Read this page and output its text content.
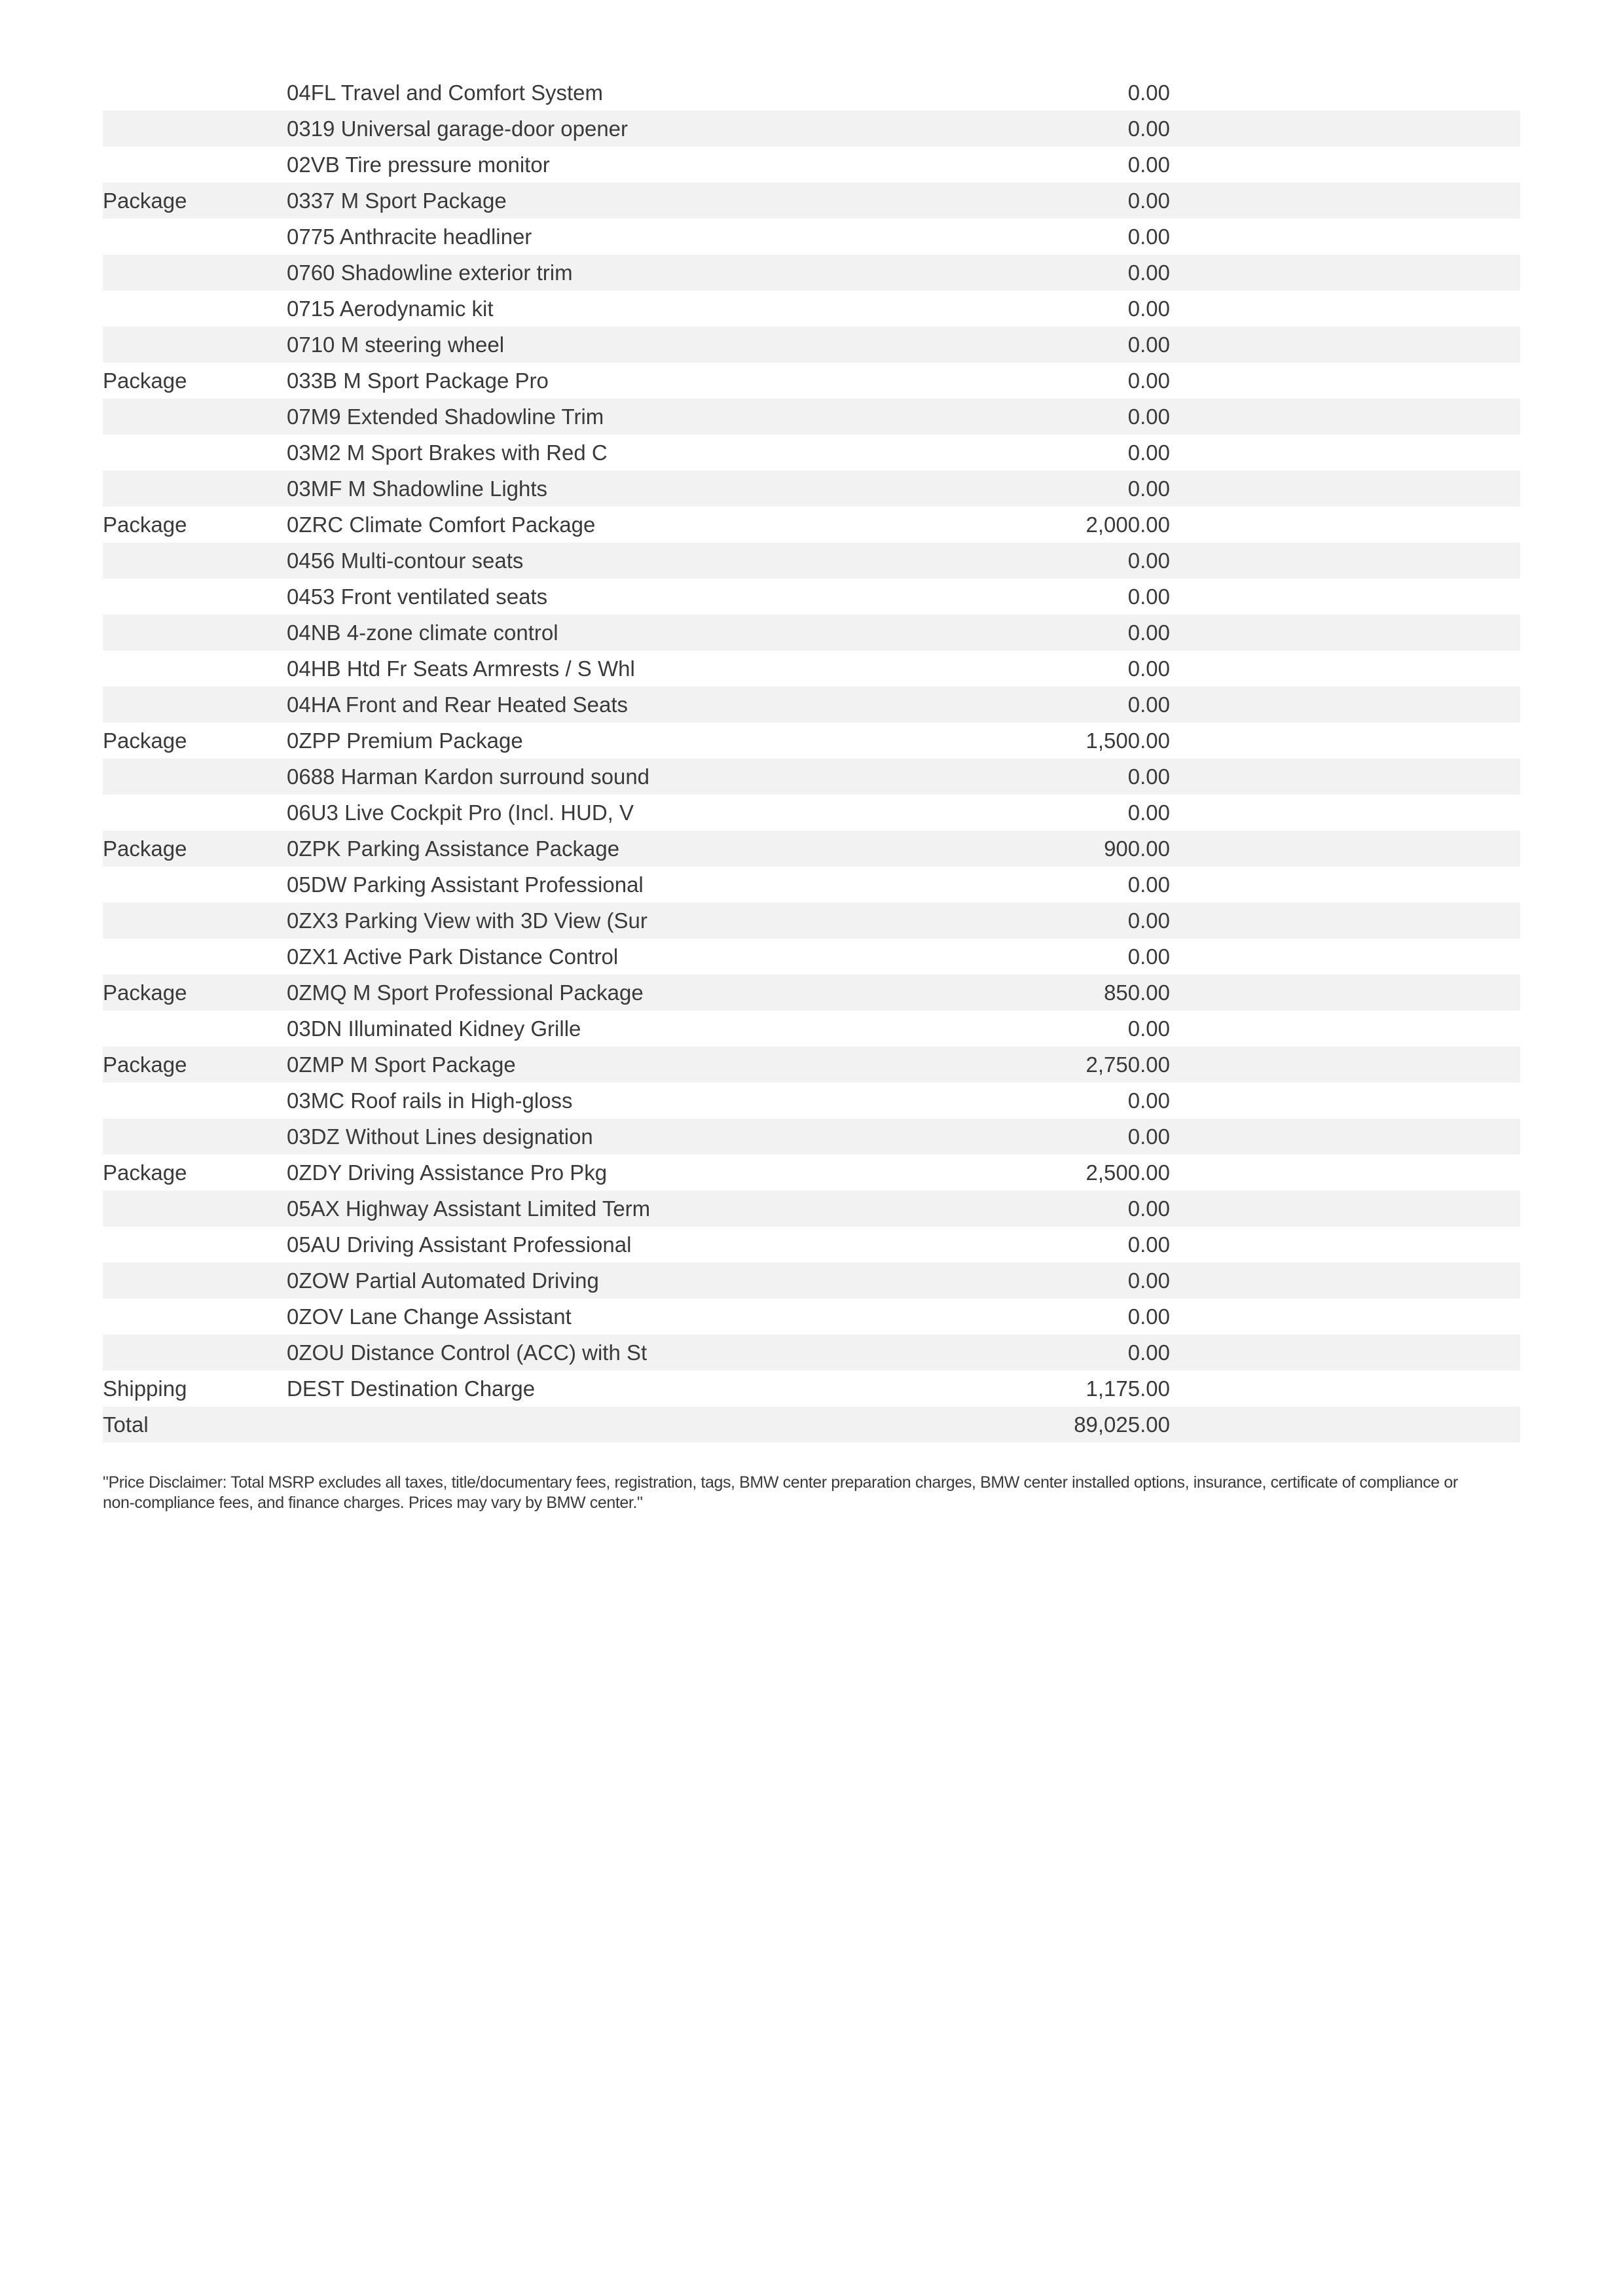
	04FL Travel and Comfort System	0.00	
	0319 Universal garage-door opener	0.00	
	02VB Tire pressure monitor	0.00	
Package	0337 M Sport Package	0.00	
	0775 Anthracite headliner	0.00	
	0760 Shadowline exterior trim	0.00	
	0715 Aerodynamic kit	0.00	
	0710 M steering wheel	0.00	
Package	033B M Sport Package Pro	0.00	
	07M9 Extended Shadowline Trim	0.00	
	03M2 M Sport Brakes with Red C	0.00	
	03MF M Shadowline Lights	0.00	
Package	0ZRC Climate Comfort Package	2,000.00	
	0456 Multi-contour seats	0.00	
	0453 Front ventilated seats	0.00	
	04NB 4-zone climate control	0.00	
	04HB Htd Fr Seats Armrests / S Whl	0.00	
	04HA Front and Rear Heated Seats	0.00	
Package	0ZPP Premium Package	1,500.00	
	0688 Harman Kardon surround sound	0.00	
	06U3 Live Cockpit Pro (Incl. HUD, V	0.00	
Package	0ZPK Parking Assistance Package	900.00	
	05DW Parking Assistant Professional	0.00	
	0ZX3 Parking View with 3D View (Sur	0.00	
	0ZX1 Active Park Distance Control	0.00	
Package	0ZMQ M Sport Professional Package	850.00	
	03DN Illuminated Kidney Grille	0.00	
Package	0ZMP M Sport Package	2,750.00	
	03MC Roof rails in High-gloss	0.00	
	03DZ Without Lines designation	0.00	
Package	0ZDY Driving Assistance Pro Pkg	2,500.00	
	05AX Highway Assistant Limited Term	0.00	
	05AU Driving Assistant Professional	0.00	
	0ZOW Partial Automated Driving	0.00	
	0ZOV Lane Change Assistant	0.00	
	0ZOU Distance Control (ACC) with St	0.00	
Shipping	DEST Destination Charge	1,175.00	
Total		89,025.00	
"Price Disclaimer: Total MSRP excludes all taxes, title/documentary fees, registration, tags, BMW center preparation charges, BMW center installed options, insurance, certificate of compliance or non-compliance fees, and finance charges. Prices may vary by BMW center."
